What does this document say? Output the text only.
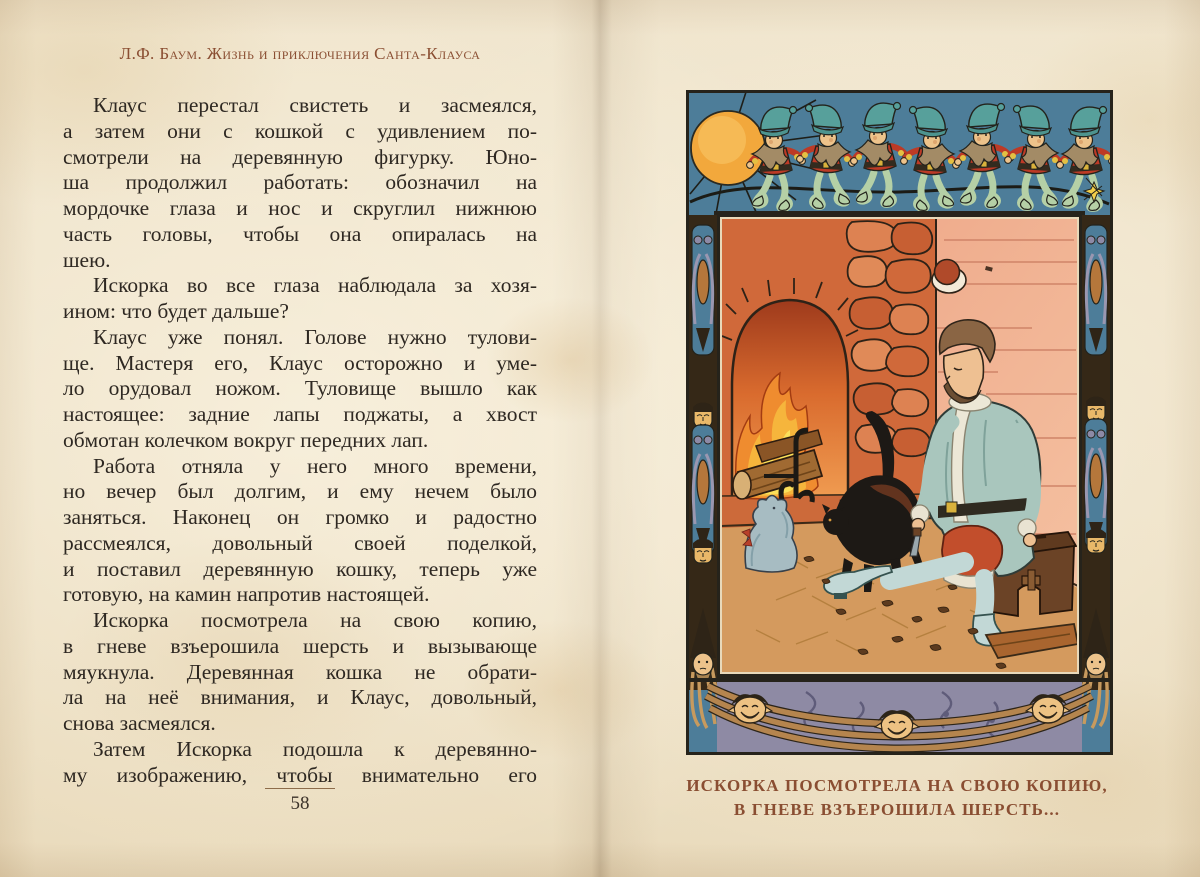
Л.Ф. Баум. Жизнь и приключения Санта-Клауса
Клаус перестал свистеть и засмеялся,
а затем они с кошкой с удивлением по-
смотрели на деревянную фигурку. Юно-
ша продолжил работать: обозначил на
мордочке глаза и нос и скруглил нижнюю
часть головы, чтобы она опиралась на
шею.
Искорка во все глаза наблюдала за хозя-
ином: что будет дальше?
Клаус уже понял. Голове нужно тулови-
ще. Мастеря его, Клаус осторожно и уме-
ло орудовал ножом. Туловище вышло как
настоящее: задние лапы поджаты, а хвост
обмотан колечком вокруг передних лап.
Работа отняла у него много времени,
но вечер был долгим, и ему нечем было
заняться. Наконец он громко и радостно
рассмеялся, довольный своей поделкой,
и поставил деревянную кошку, теперь уже
готовую, на камин напротив настоящей.
Искорка посмотрела на свою копию,
в гневе взъерошила шерсть и вызывающе
мяукнула. Деревянная кошка не обрати-
ла на неё внимания, и Клаус, довольный,
снова засмеялся.
Затем Искорка подошла к деревянно-
му изображению, чтобы внимательно его
58
ИСКОРКА ПОСМОТРЕЛА НА СВОЮ КОПИЮ,
В ГНЕВЕ ВЗЪЕРОШИЛА ШЕРСТЬ...
